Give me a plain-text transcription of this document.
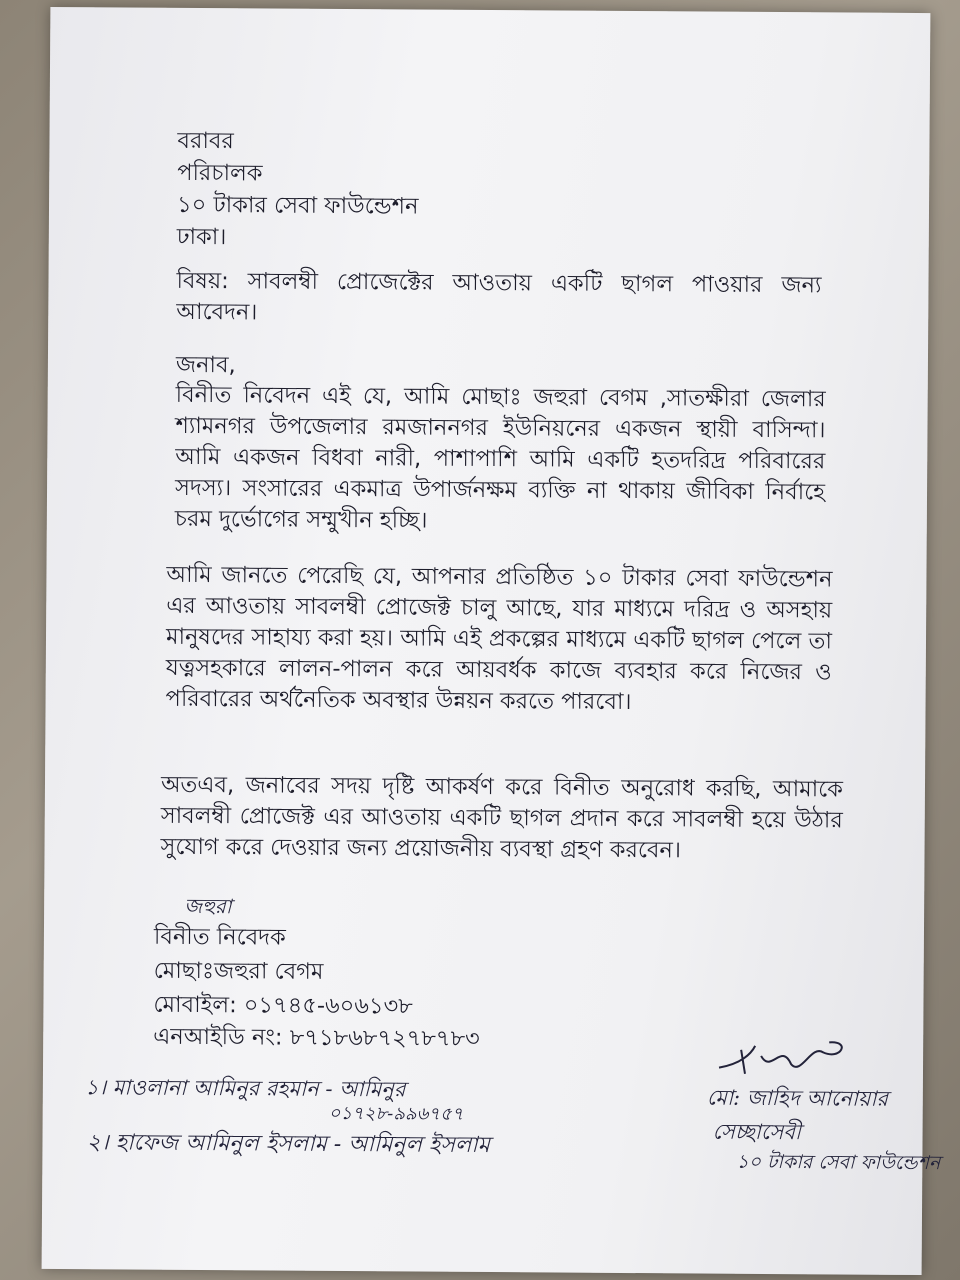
বরাবর
পরিচালক
১০ টাকার সেবা ফাউন্ডেশন
ঢাকা।
বিষয়: সাবলম্বী প্রোজেক্টের আওতায় একটি ছাগল পাওয়ার জন্য আবেদন।
জনাব,
বিনীত নিবেদন এই যে, আমি মোছাঃ জহুরা বেগম ,সাতক্ষীরা জেলার শ্যামনগর উপজেলার রমজাননগর ইউনিয়নের একজন স্থায়ী বাসিন্দা। আমি একজন বিধবা নারী, পাশাপাশি আমি একটি হতদরিদ্র পরিবারের সদস্য। সংসারের একমাত্র উপার্জনক্ষম ব্যক্তি না থাকায় জীবিকা নির্বাহে চরম দুর্ভোগের সম্মুখীন হচ্ছি।
আমি জানতে পেরেছি যে, আপনার প্রতিষ্ঠিত ১০ টাকার সেবা ফাউন্ডেশন এর আওতায় সাবলম্বী প্রোজেক্ট চালু আছে, যার মাধ্যমে দরিদ্র ও অসহায় মানুষদের সাহায্য করা হয়। আমি এই প্রকল্পের মাধ্যমে একটি ছাগল পেলে তা যত্নসহকারে লালন-পালন করে আয়বর্ধক কাজে ব্যবহার করে নিজের ও পরিবারের অর্থনৈতিক অবস্থার উন্নয়ন করতে পারবো।
অতএব, জনাবের সদয় দৃষ্টি আকর্ষণ করে বিনীত অনুরোধ করছি, আমাকে সাবলম্বী প্রোজেক্ট এর আওতায় একটি ছাগল প্রদান করে সাবলম্বী হয়ে উঠার সুযোগ করে দেওয়ার জন্য প্রয়োজনীয় ব্যবস্থা গ্রহণ করবেন।
জহুরা
বিনীত নিবেদক
মোছাঃজহুরা বেগম
মোবাইল: ০১৭৪৫-৬০৬১৩৮
এনআইডি নং: ৮৭১৮৬৮৭২৭৮৭৮৩
১। মাওলানা আমিনুর রহমান - আমিনুর
০১৭২৮-৯৯৬৭৫৭
২। হাফেজ আমিনুল ইসলাম - আমিনুল ইসলাম
মো: জাহিদ আনোয়ার
সেচ্ছাসেবী
১০ টাকার সেবা ফাউন্ডেশন
